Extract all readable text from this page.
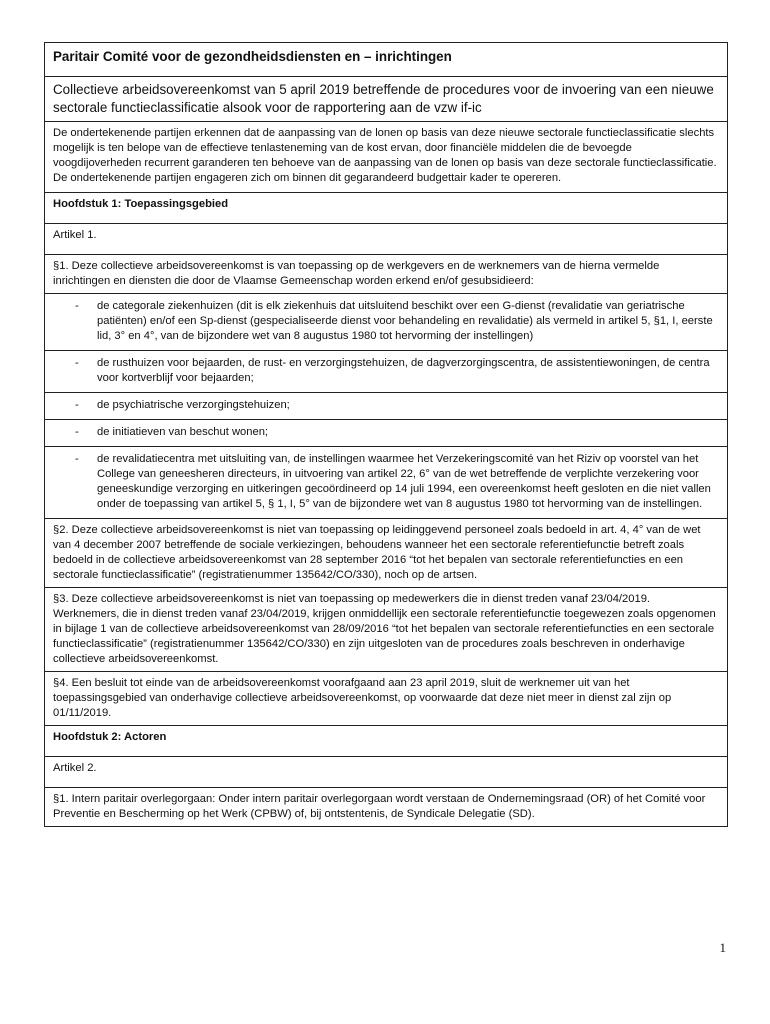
Paritair Comité voor de gezondheidsdiensten en – inrichtingen
Collectieve arbeidsovereenkomst van 5 april 2019 betreffende de procedures voor de invoering van een nieuwe sectorale functieclassificatie alsook voor de rapportering aan de vzw if-ic
De ondertekenende partijen erkennen dat de aanpassing van de lonen op basis van deze nieuwe sectorale functieclassificatie slechts mogelijk is ten belope van de effectieve tenlasteneming van de kost ervan, door financiële middelen die de bevoegde voogdijoverheden recurrent garanderen ten behoeve van de aanpassing van de lonen op basis van deze sectorale functieclassificatie. De ondertekenende partijen engageren zich om binnen dit gegarandeerd budgettair kader te opereren.
Hoofdstuk 1: Toepassingsgebied
Artikel 1.
§1. Deze collectieve arbeidsovereenkomst is van toepassing op de werkgevers en de werknemers van de hierna vermelde inrichtingen en diensten die door de Vlaamse Gemeenschap worden erkend en/of gesubsidieerd:
-	de categorale ziekenhuizen (dit is elk ziekenhuis dat uitsluitend beschikt over een G-dienst (revalidatie van geriatrische patiënten) en/of een Sp-dienst (gespecialiseerde dienst voor behandeling en revalidatie) als vermeld in artikel 5, §1, I, eerste lid, 3° en 4°, van de bijzondere wet van 8 augustus 1980 tot hervorming der instellingen)
-	de rusthuizen voor bejaarden, de rust- en verzorgingstehuizen, de dagverzorgingscentra, de assistentiewoningen, de centra voor kortverblijf voor bejaarden;
-	de psychiatrische verzorgingstehuizen;
-	de initiatieven van beschut wonen;
-	de revalidatiecentra met uitsluiting van, de instellingen waarmee het Verzekeringscomité van het Riziv op voorstel van het College van geneesheren directeurs, in uitvoering van artikel 22, 6° van de wet betreffende de verplichte verzekering voor geneeskundige verzorging en uitkeringen gecoördineerd op 14 juli 1994, een overeenkomst heeft gesloten en die niet vallen onder de toepassing van artikel 5, § 1, I, 5° van de bijzondere wet van 8 augustus 1980 tot hervorming van de instellingen.
§2. Deze collectieve arbeidsovereenkomst is niet van toepassing op leidinggevend personeel zoals bedoeld in art. 4, 4° van de wet van 4 december 2007 betreffende de sociale verkiezingen, behoudens wanneer het een sectorale referentiefunctie betreft zoals bedoeld in de collectieve arbeidsovereenkomst van 28 september 2016 “tot het bepalen van sectorale referentiefuncties en een sectorale functieclassificatie” (registratienummer 135642/CO/330), noch op de artsen.
§3. Deze collectieve arbeidsovereenkomst is niet van toepassing op medewerkers die in dienst treden vanaf 23/04/2019. Werknemers, die in dienst treden vanaf 23/04/2019, krijgen onmiddellijk een sectorale referentiefunctie toegewezen zoals opgenomen in bijlage 1 van de collectieve arbeidsovereenkomst van 28/09/2016 “tot het bepalen van sectorale referentiefuncties en een sectorale functieclassificatie” (registratienummer 135642/CO/330) en zijn uitgesloten van de procedures zoals beschreven in onderhavige collectieve arbeidsovereenkomst.
§4. Een besluit tot einde van de arbeidsovereenkomst voorafgaand aan 23 april 2019, sluit de werknemer uit van het toepassingsgebied van onderhavige collectieve arbeidsovereenkomst, op voorwaarde dat deze niet meer in dienst zal zijn op 01/11/2019.
Hoofdstuk 2: Actoren
Artikel 2.
§1. Intern paritair overlegorgaan: Onder intern paritair overlegorgaan wordt verstaan de Ondernemingsraad (OR) of het Comité voor Preventie en Bescherming op het Werk (CPBW) of, bij ontstentenis, de Syndicale Delegatie (SD).
1
